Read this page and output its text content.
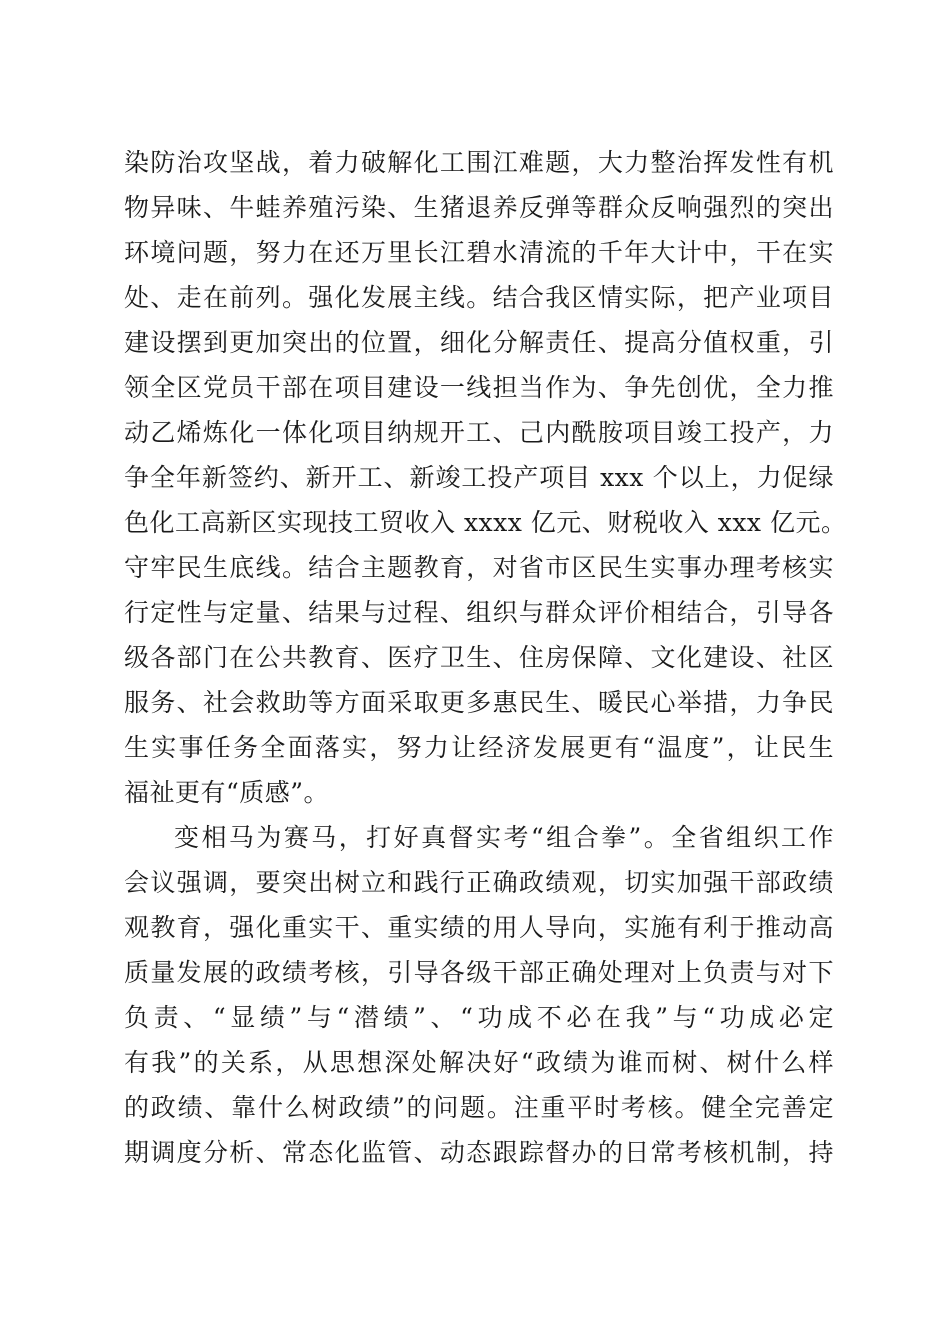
染防治攻坚战，着力破解化工围江难题，大力整治挥发性有机
物异味、牛蛙养殖污染、生猪退养反弹等群众反响强烈的突出
环境问题，努力在还万里长江碧水清流的千年大计中，干在实
处、走在前列。强化发展主线。结合我区情实际，把产业项目
建设摆到更加突出的位置，细化分解责任、提高分值权重，引
领全区党员干部在项目建设一线担当作为、争先创优，全力推
动乙烯炼化一体化项目纳规开工、己内酰胺项目竣工投产，力
争全年新签约、新开工、新竣工投产项目 xxx 个以上，力促绿
色化工高新区实现技工贸收入 xxxx 亿元、财税收入 xxx 亿元。
守牢民生底线。结合主题教育，对省市区民生实事办理考核实
行定性与定量、结果与过程、组织与群众评价相结合，引导各
级各部门在公共教育、医疗卫生、住房保障、文化建设、社区
服务、社会救助等方面采取更多惠民生、暖民心举措，力争民
生实事任务全面落实，努力让经济发展更有“温度”，让民生
福祉更有“质感”。
变相马为赛马，打好真督实考“组合拳”。全省组织工作
会议强调，要突出树立和践行正确政绩观，切实加强干部政绩
观教育，强化重实干、重实绩的用人导向，实施有利于推动高
质量发展的政绩考核，引导各级干部正确处理对上负责与对下
负责、“显绩”与“潜绩”、“功成不必在我”与“功成必定
有我”的关系，从思想深处解决好“政绩为谁而树、树什么样
的政绩、靠什么树政绩”的问题。注重平时考核。健全完善定
期调度分析、常态化监管、动态跟踪督办的日常考核机制，持
